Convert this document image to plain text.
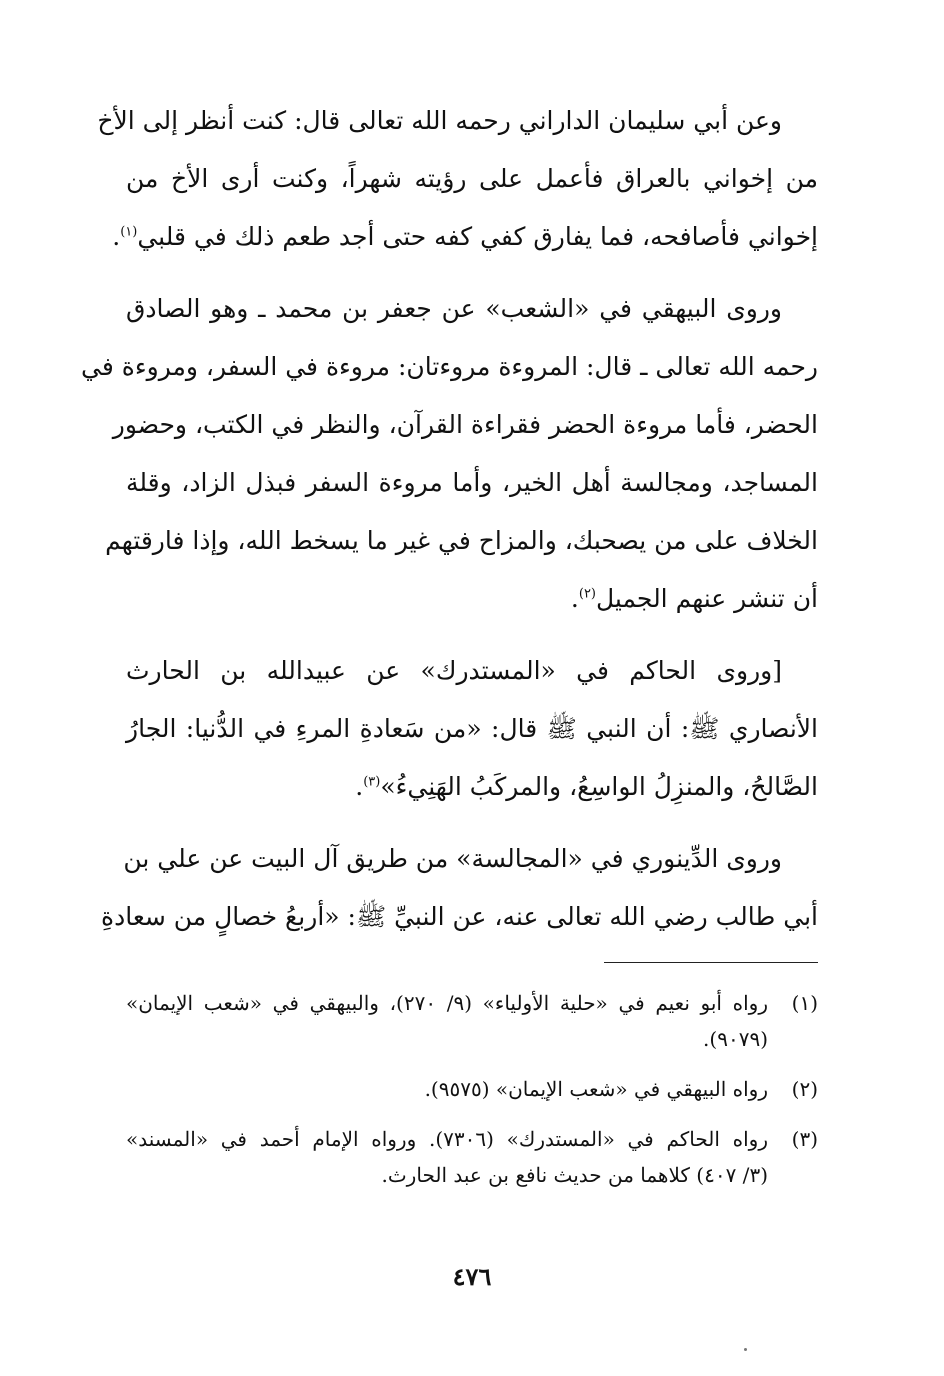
وعن أبي سليمان الداراني رحمه الله تعالى قال: كنت أنظر إلى الأخ
من إخواني بالعراق فأعمل على رؤيته شهراً، وكنت أرى الأخ من
إخواني فأصافحه، فما يفارق كفي كفه حتى أجد طعم ذلك في قلبي$^{(١)}$.

وروى البيهقي في «الشعب» عن جعفر بن محمد ـ وهو الصادق
رحمه الله تعالى ـ قال: المروءة مروءتان: مروءة في السفر، ومروءة في
الحضر، فأما مروءة الحضر فقراءة القرآن، والنظر في الكتب، وحضور
المساجد، ومجالسة أهل الخير، وأما مروءة السفر فبذل الزاد، وقلة
الخلاف على من يصحبك، والمزاح في غير ما يسخط الله، وإذا فارقتهم
أن تنشر عنهم الجميل$^{(٢)}$.

[وروى الحاكم في «المستدرك» عن عبيدالله بن الحارث
الأنصاري ﷺ: أن النبي ﷺ قال: «من سَعادةِ المرءِ في الدُّنيا: الجارُ
الصَّالحُ، والمنزِلُ الواسِعُ، والمركَبُ الهَنِيءُ»$^{(٣)}$.

وروى الدِّينوري في «المجالسة» من طريق آل البيت عن علي بن
أبي طالب رضي الله تعالى عنه، عن النبيِّ ﷺ: «أربعُ خصالٍ من سعادةِ

(١)
رواه أبو نعيم في «حلية الأولياء» (٩/ ٢٧٠)، والبيهقي في «شعب الإيمان»
(٩٠٧٩).
(٢)
رواه البيهقي في «شعب الإيمان» (٩٥٧٥).
(٣)
رواه الحاكم في «المستدرك» (٧٣٠٦). ورواه الإمام أحمد في «المسند»
(٣/ ٤٠٧) كلاهما من حديث نافع بن عبد الحارث.
٤٧٦
